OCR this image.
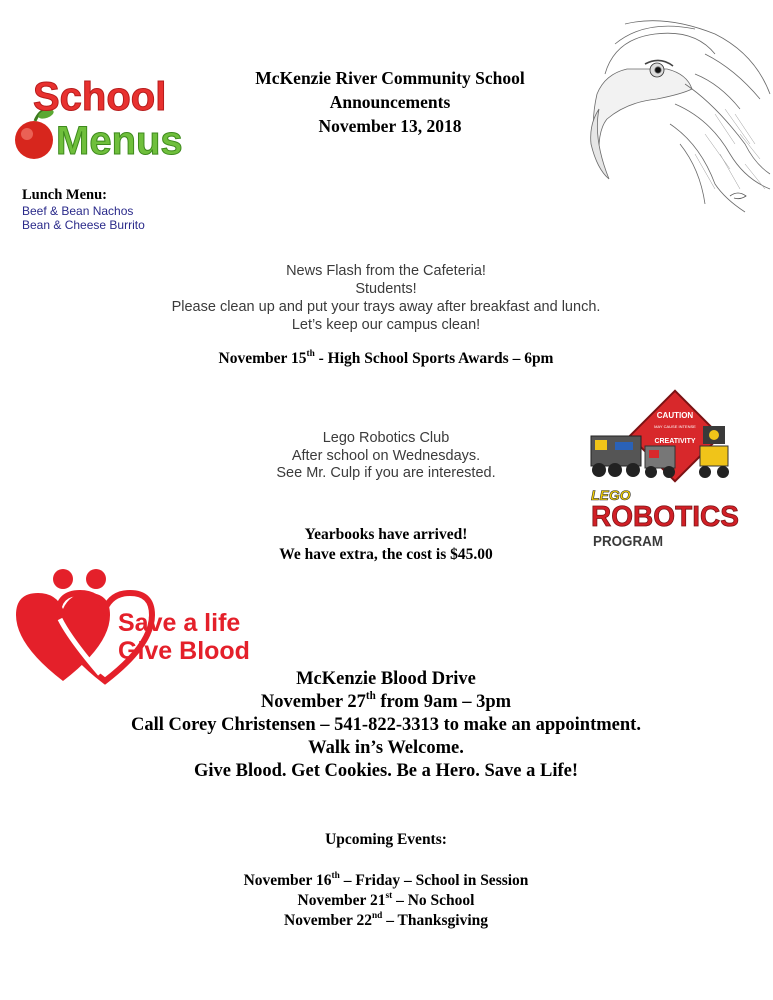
McKenzie River Community School
Announcements
November 13, 2018
School
Menus
Lunch Menu:
Beef & Bean Nachos
Bean & Cheese Burrito
News Flash from the Cafeteria!
Students!
Please clean up and put your trays away after breakfast and lunch.
Let’s keep our campus clean!
November 15th - High School Sports Awards – 6pm
Lego Robotics Club
After school on Wednesdays.
See Mr. Culp if you are interested.
CAUTION
MAY CAUSE INTENSE
CREATIVITY
LEGO
ROBOTICS
PROGRAM
Yearbooks have arrived!
We have extra, the cost is $45.00
Save a life
Give Blood
McKenzie Blood Drive
November 27th from 9am – 3pm
Call Corey Christensen – 541-822-3313 to make an appointment.
Walk in’s Welcome.
Give Blood. Get Cookies. Be a Hero. Save a Life!
Upcoming Events:
November 16th – Friday – School in Session
November 21st – No School
November 22nd – Thanksgiving
